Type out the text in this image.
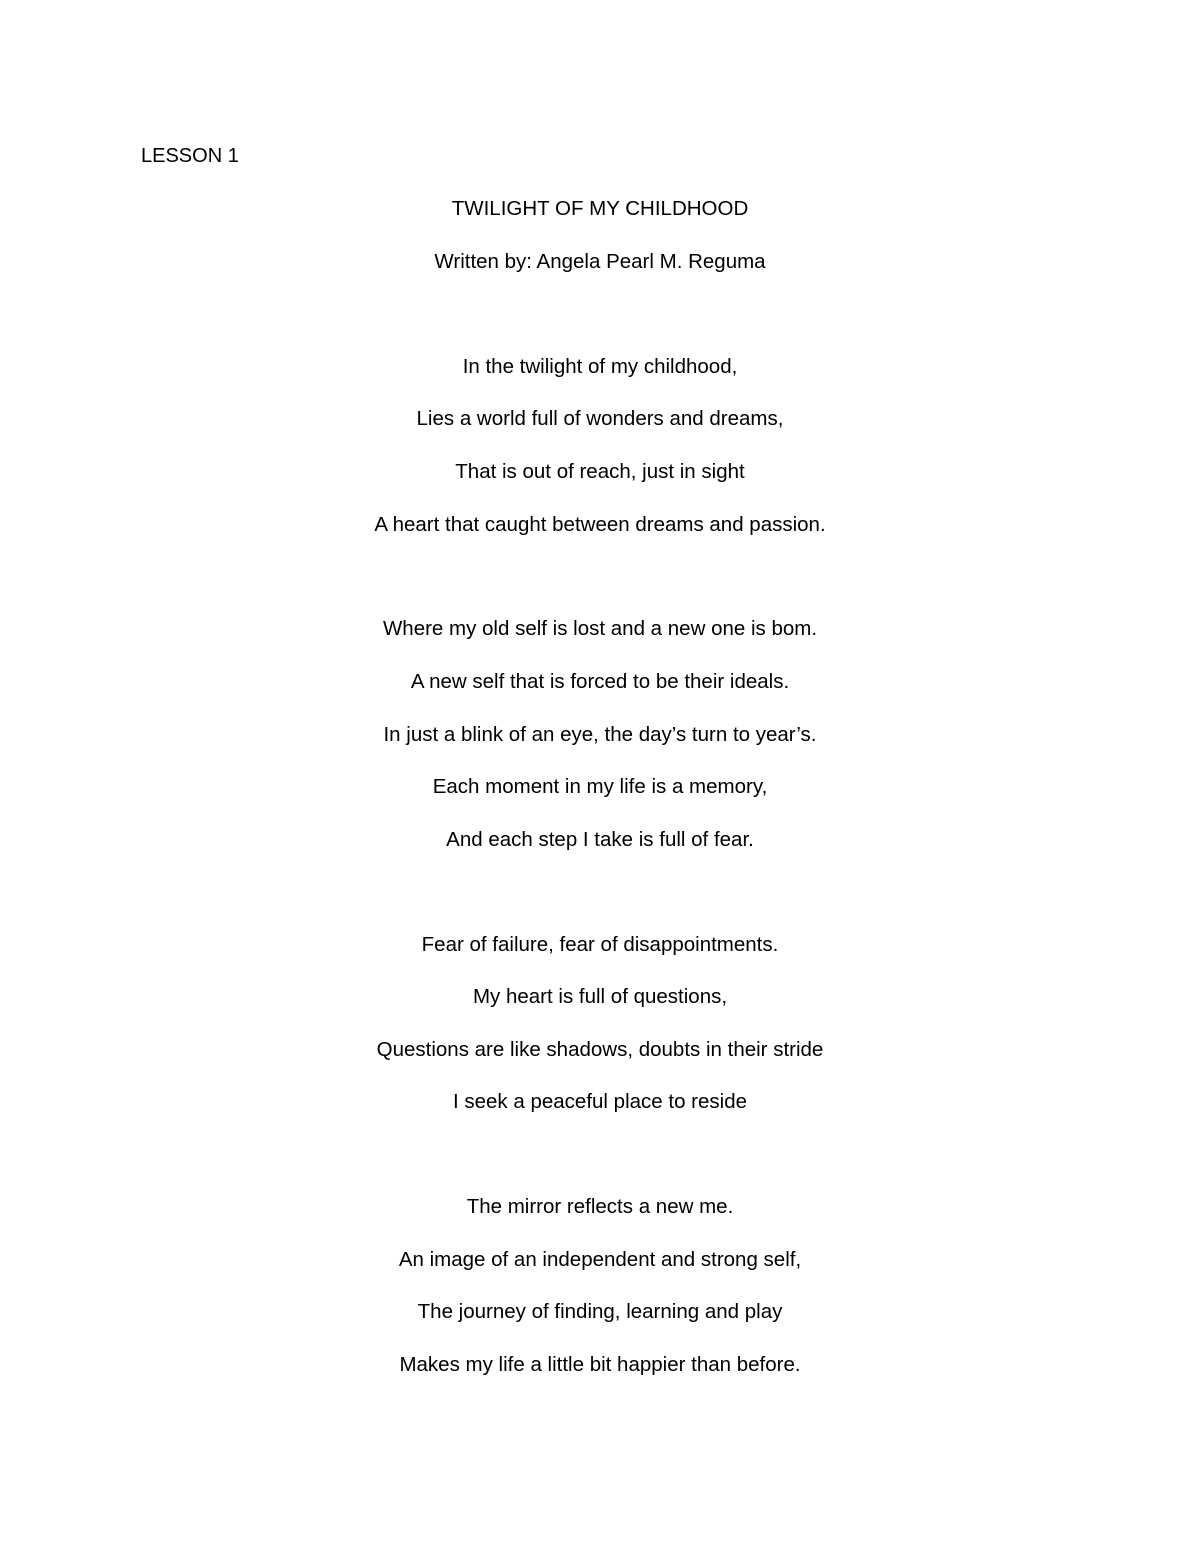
LESSON 1

TWILIGHT OF MY CHILDHOOD

Written by: Angela Pearl M. Reguma

In the twilight of my childhood,

Lies a world full of wonders and dreams,

That is out of reach, just in sight

A heart that caught between dreams and passion.

Where my old self is lost and a new one is bom.

A new self that is forced to be their ideals.

In just a blink of an eye, the day’s turn to year’s.

Each moment in my life is a memory,

And each step I take is full of fear.

Fear of failure, fear of disappointments.

My heart is full of questions,

Questions are like shadows, doubts in their stride

I seek a peaceful place to reside

The mirror reflects a new me.

An image of an independent and strong self,

The journey of finding, learning and play

Makes my life a little bit happier than before.
